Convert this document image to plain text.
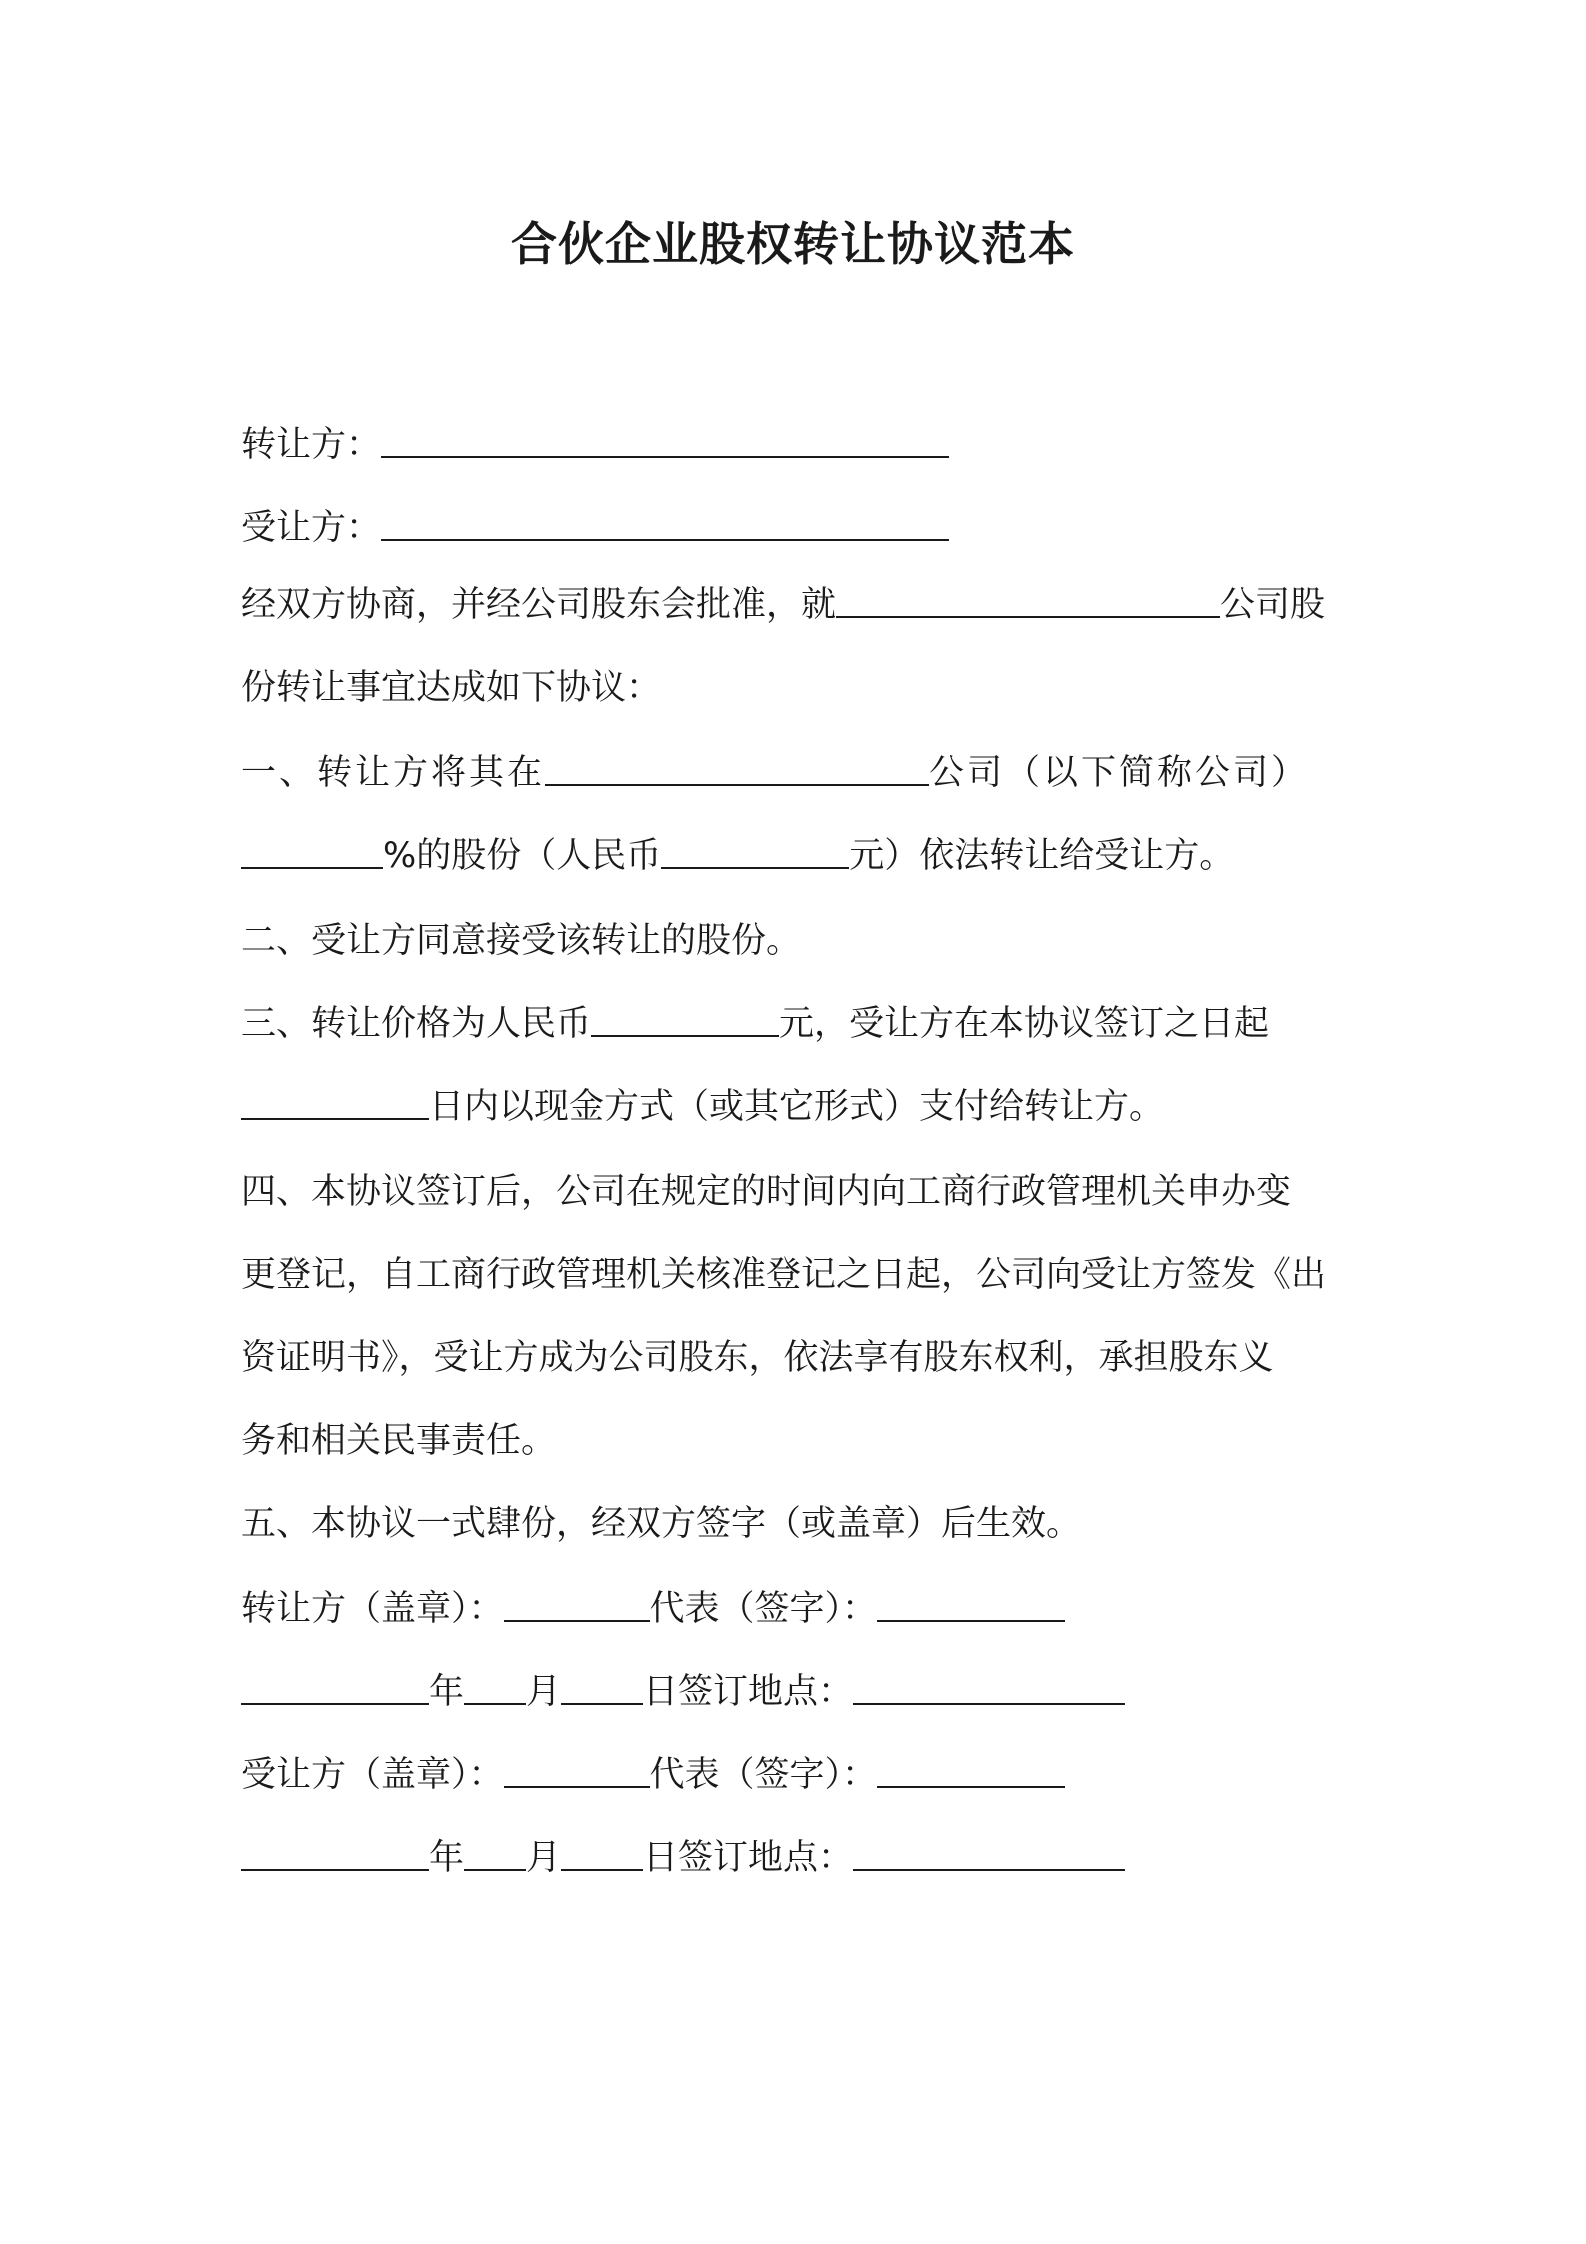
合伙企业股权转让协议范本
转让方：
受让方：
经双方协商，并经公司股东会批准，就	公司股
份转让事宜达成如下协议：
一、转让方将其在	公司（以下简称公司）
%的股份（人民币	元）依法转让给受让方。
二、受让方同意接受该转让的股份。
三、转让价格为人民币	元，受让方在本协议签订之日起
日内以现金方式（或其它形式）支付给转让方。
四、本协议签订后，公司在规定的时间内向工商行政管理机关申办变
更登记，自工商行政管理机关核准登记之日起，公司向受让方签发《出
资证明书》，受让方成为公司股东，依法享有股东权利，承担股东义
务和相关民事责任。
五、本协议一式肆份，经双方签字（或盖章）后生效。
转让方（盖章）：	代表（签字）：
年 月 日签订地点：
受让方（盖章）：	代表（签字）：
年 月 日签订地点：
